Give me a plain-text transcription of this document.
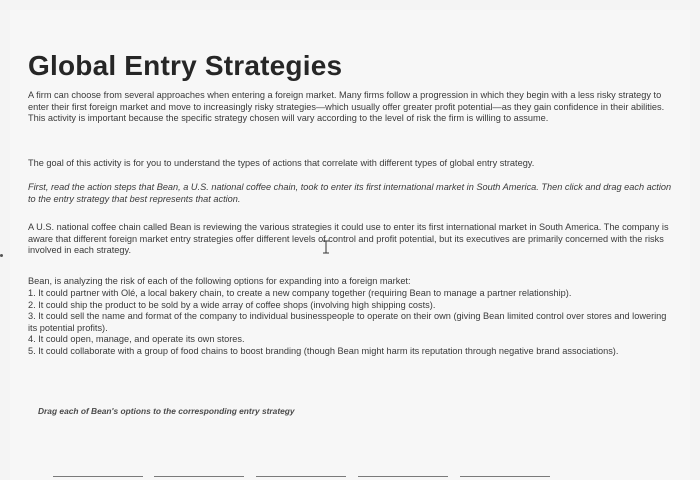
Global Entry Strategies

A firm can choose from several approaches when entering a foreign market. Many firms follow a progression in which they begin with a less risky strategy to enter their first foreign market and move to increasingly risky strategies—which usually offer greater profit potential—as they gain confidence in their abilities. This activity is important because the specific strategy chosen will vary according to the level of risk the firm is willing to assume.

The goal of this activity is for you to understand the types of actions that correlate with different types of global entry strategy.

First, read the action steps that Bean, a U.S. national coffee chain, took to enter its first international market in South America. Then click and drag each action to the entry strategy that best represents that action.

A U.S. national coffee chain called Bean is reviewing the various strategies it could use to enter its first international market in South America. The company is aware that different foreign market entry strategies offer different levels of control and profit potential, but its executives are primarily concerned with the risks involved in each strategy.

Bean, is analyzing the risk of each of the following options for expanding into a foreign market:

1. It could partner with Olé, a local bakery chain, to create a new company together (requiring Bean to manage a partner relationship).
2. It could ship the product to be sold by a wide array of coffee shops (involving high shipping costs).
3. It could sell the name and format of the company to individual businesspeople to operate on their own (giving Bean limited control over stores and lowering its potential profits).
4. It could open, manage, and operate its own stores.
5. It could collaborate with a group of food chains to boost branding (though Bean might harm its reputation through negative brand associations).

Drag each of Bean's options to the corresponding entry strategy
